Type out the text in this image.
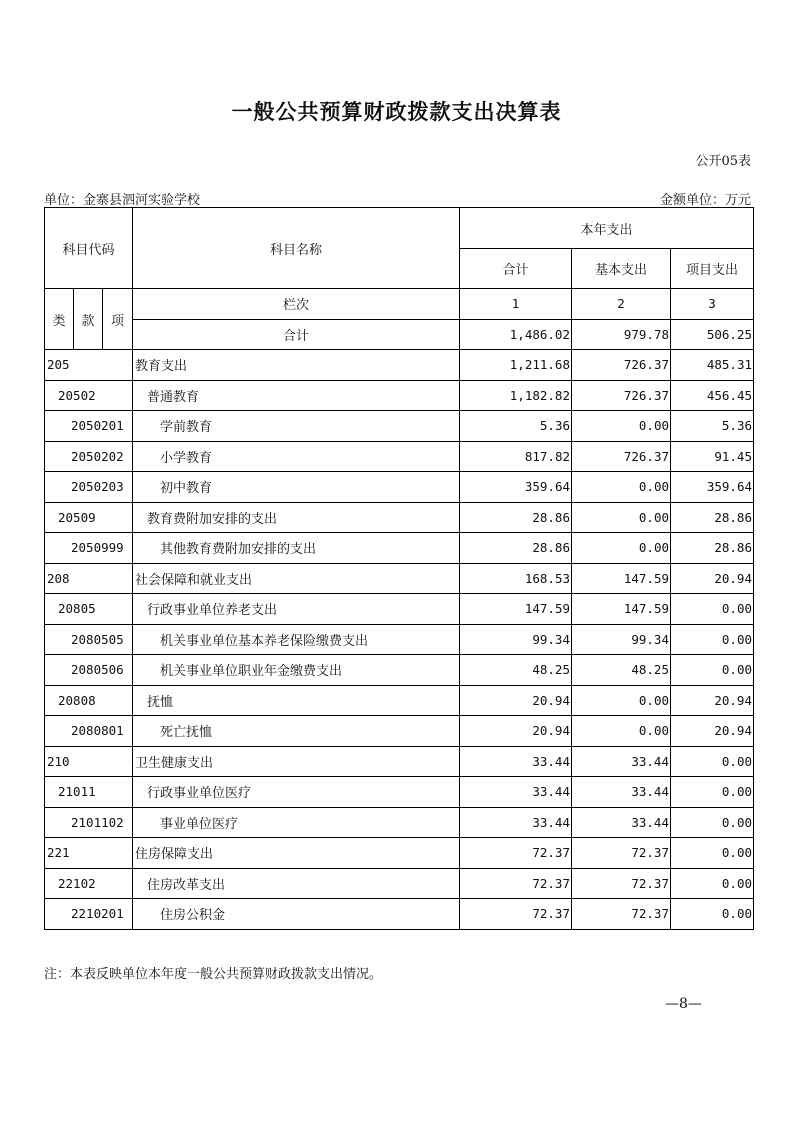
一般公共预算财政拨款支出决算表
公开05表
单位：金寨县泗河实验学校	金额单位：万元
科目代码			科目名称	本年支出		
				合计	基本支出	项目支出
类	款	项	栏次	1	2	3
			合计	1,486.02	979.78	506.25
205			教育支出	1,211.68	726.37	485.31
20502			普通教育	1,182.82	726.37	456.45
2050201			学前教育	5.36	0.00	5.36
2050202			小学教育	817.82	726.37	91.45
2050203			初中教育	359.64	0.00	359.64
20509			教育费附加安排的支出	28.86	0.00	28.86
2050999			其他教育费附加安排的支出	28.86	0.00	28.86
208			社会保障和就业支出	168.53	147.59	20.94
20805			行政事业单位养老支出	147.59	147.59	0.00
2080505			机关事业单位基本养老保险缴费支出	99.34	99.34	0.00
2080506			机关事业单位职业年金缴费支出	48.25	48.25	0.00
20808			抚恤	20.94	0.00	20.94
2080801			死亡抚恤	20.94	0.00	20.94
210			卫生健康支出	33.44	33.44	0.00
21011			行政事业单位医疗	33.44	33.44	0.00
2101102			事业单位医疗	33.44	33.44	0.00
221			住房保障支出	72.37	72.37	0.00
22102			住房改革支出	72.37	72.37	0.00
2210201			住房公积金	72.37	72.37	0.00
注：本表反映单位本年度一般公共预算财政拨款支出情况。
—8—
